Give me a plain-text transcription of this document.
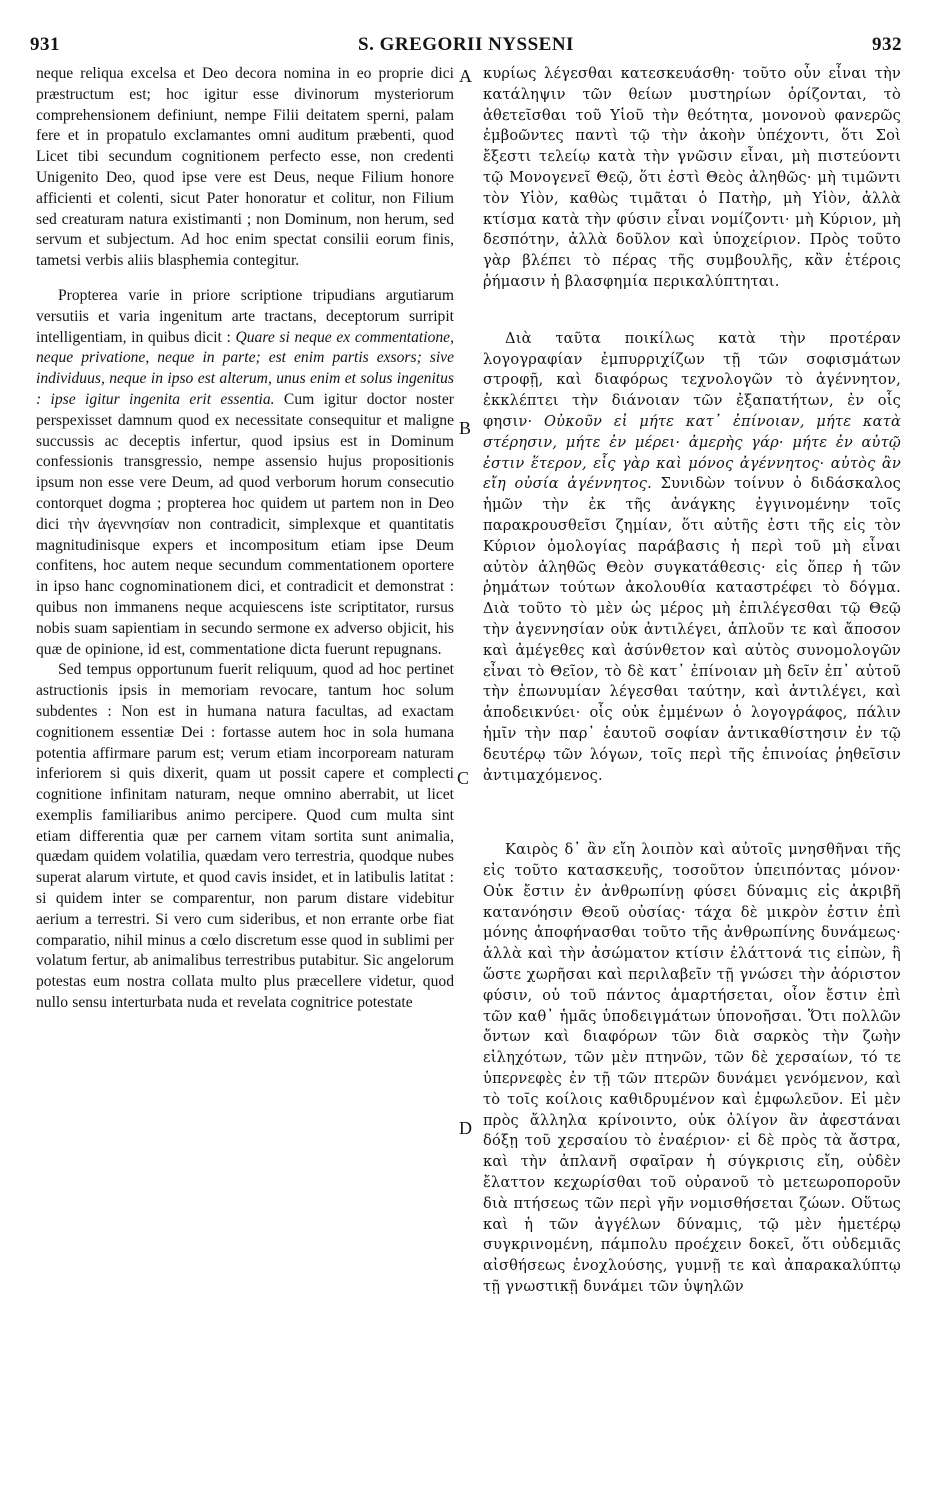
931	S. GREGORII NYSSENI	932
A
B
C
D

neque reliqua excelsa et Deo decora nomina in eo proprie dici præstructum est; hoc igitur esse divinorum mysteriorum comprehensionem definiunt, nempe Filii deitatem sperni, palam fere et in propatulo exclamantes omni auditum præbenti, quod Licet tibi secundum cognitionem perfecto esse, non credenti Unigenito Deo, quod ipse vere est Deus, neque Filium honore afficienti et colenti, sicut Pater honoratur et colitur, non Filium sed creaturam natura existimanti ; non Dominum, non herum, sed servum et subjectum. Ad hoc enim spectat consilii eorum finis, tametsi verbis aliis blasphemia contegitur.

Propterea varie in priore scriptione tripudians argutiarum versutiis et varia ingenitum arte tractans, deceptorum surripit intelligentiam, in quibus dicit : Quare si neque ex commentatione, neque privatione, neque in parte; est enim partis exsors; sive individuus, neque in ipso est alterum, unus enim et solus ingenitus : ipse igitur ingenita erit essentia. Cum igitur doctor noster perspexisset damnum quod ex necessitate consequitur et maligne succussis ac deceptis infertur, quod ipsius est in Dominum confessionis transgressio, nempe assensio hujus propositionis ipsum non esse vere Deum, ad quod verborum horum consecutio contorquet dogma ; propterea hoc quidem ut partem non in Deo dici τὴν ἀγεννησίαν non contradicit, simplexque et quantitatis magnitudinisque expers et incompositum etiam ipse Deum confitens, hoc autem neque secundum commentationem oportere in ipso hanc cognominationem dici, et contradicit et demonstrat : quibus non immanens neque acquiescens iste scriptitator, rursus nobis suam sapientiam in secundo sermone ex adverso objicit, his quæ de opinione, id est, commentatione dicta fuerunt repugnans.

Sed tempus opportunum fuerit reliquum, quod ad hoc pertinet astructionis ipsis in memoriam revocare, tantum hoc solum subdentes : Non est in humana natura facultas, ad exactam cognitionem essentiæ Dei : fortasse autem hoc in sola humana potentia affirmare parum est; verum etiam incorpoream naturam inferiorem si quis dixerit, quam ut possit capere et complecti cognitione infinitam naturam, neque omnino aberrabit, ut licet exemplis familiaribus animo percipere. Quod cum multa sint etiam differentia quæ per carnem vitam sortita sunt animalia, quædam quidem volatilia, quædam vero terrestria, quodque nubes superat alarum virtute, et quod cavis insidet, et in latibulis latitat : si quidem inter se comparentur, non parum distare videbitur aerium a terrestri. Si vero cum sideribus, et non errante orbe fiat comparatio, nihil minus a cœlo discretum esse quod in sublimi per volatum fertur, ab animalibus terrestribus putabitur. Sic angelorum potestas eum nostra collata multo plus præcellere videtur, quod nullo sensu interturbata nuda et revelata cognitrice potestate

κυρίως λέγεσθαι κατεσκευάσθη· τοῦτο οὖν εἶναι τὴν κατάληψιν τῶν θείων μυστηρίων ὁρίζονται, τὸ ἀθετεῖσθαι τοῦ Υἱοῦ τὴν θεότητα, μονονοὺ φανερῶς ἐμβοῶντες παντὶ τῷ τὴν ἀκοὴν ὑπέχοντι, ὅτι Σοὶ ἔξεστι τελείῳ κατὰ τὴν γνῶσιν εἶναι, μὴ πιστεύοντι τῷ Μονογενεῖ Θεῷ, ὅτι ἐστὶ Θεὸς ἀληθῶς· μὴ τιμῶντι τὸν Υἱὸν, καθὼς τιμᾶται ὁ Πατὴρ, μὴ Υἱὸν, ἀλλὰ κτίσμα κατὰ τὴν φύσιν εἶναι νομίζοντι· μὴ Κύριον, μὴ δεσπότην, ἀλλὰ δοῦλον καὶ ὑποχείριον. Πρὸς τοῦτο γὰρ βλέπει τὸ πέρας τῆς συμβουλῆς, κἂν ἑτέροις ῥήμασιν ἡ βλασφημία περικαλύπτηται.

Διὰ ταῦτα ποικίλως κατὰ τὴν προτέραν λογογραφίαν ἐμπυρριχίζων τῇ τῶν σοφισμάτων στροφῇ, καὶ διαφόρως τεχνολογῶν τὸ ἀγέννητον, ἐκκλέπτει τὴν διάνοιαν τῶν ἐξαπατήτων, ἐν οἷς φησιν· Οὐκοῦν εἰ μήτε κατ᾽ ἐπίνοιαν, μήτε κατὰ στέρησιν, μήτε ἐν μέρει· ἀμερὴς γάρ· μήτε ἐν αὐτῷ ἐστιν ἕτερον, εἷς γὰρ καὶ μόνος ἀγέννητος· αὐτὸς ἂν εἴη οὐσία ἀγέννητος. Συνιδὼν τοίνυν ὁ διδάσκαλος ἡμῶν τὴν ἐκ τῆς ἀνάγκης ἐγγινομένην τοῖς παρακρουσθεῖσι ζημίαν, ὅτι αὐτῆς ἐστι τῆς εἰς τὸν Κύριον ὁμολογίας παράβασις ἡ περὶ τοῦ μὴ εἶναι αὐτὸν ἀληθῶς Θεὸν συγκατάθεσις· εἰς ὅπερ ἡ τῶν ῥημάτων τούτων ἀκολουθία καταστρέφει τὸ δόγμα. Διὰ τοῦτο τὸ μὲν ὡς μέρος μὴ ἐπιλέγεσθαι τῷ Θεῷ τὴν ἀγεννησίαν οὐκ ἀντιλέγει, ἁπλοῦν τε καὶ ἄποσον καὶ ἀμέγεθες καὶ ἀσύνθετον καὶ αὐτὸς συνομολογῶν εἶναι τὸ Θεῖον, τὸ δὲ κατ᾽ ἐπίνοιαν μὴ δεῖν ἐπ᾽ αὐτοῦ τὴν ἐπωνυμίαν λέγεσθαι ταύτην, καὶ ἀντιλέγει, καὶ ἀποδεικνύει· οἷς οὐκ ἐμμένων ὁ λογογράφος, πάλιν ἡμῖν τὴν παρ᾽ ἑαυτοῦ σοφίαν ἀντικαθίστησιν ἐν τῷ δευτέρῳ τῶν λόγων, τοῖς περὶ τῆς ἐπινοίας ῥηθεῖσιν ἀντιμαχόμενος.

Καιρὸς δ᾽ ἂν εἴη λοιπὸν καὶ αὐτοῖς μνησθῆναι τῆς εἰς τοῦτο κατασκευῆς, τοσοῦτον ὑπειπόντας μόνον· Οὐκ ἔστιν ἐν ἀνθρωπίνῃ φύσει δύναμις εἰς ἀκριβῆ κατανόησιν Θεοῦ οὐσίας· τάχα δὲ μικρὸν ἐστιν ἐπὶ μόνης ἀποφήνασθαι τοῦτο τῆς ἀνθρωπίνης δυνάμεως· ἀλλὰ καὶ τὴν ἀσώματον κτίσιν ἐλάττονά τις εἰπὼν, ἢ ὥστε χωρῆσαι καὶ περιλαβεῖν τῇ γνώσει τὴν ἀόριστον φύσιν, οὐ τοῦ πάντος ἁμαρτήσεται, οἷον ἔστιν ἐπὶ τῶν καθ᾽ ἡμᾶς ὑποδειγμάτων ὑπονοῆσαι. Ὅτι πολλῶν ὄντων καὶ διαφόρων τῶν διὰ σαρκὸς τὴν ζωὴν εἰληχότων, τῶν μὲν πτηνῶν, τῶν δὲ χερσαίων, τό τε ὑπερνεφὲς ἐν τῇ τῶν πτερῶν δυνάμει γενόμενον, καὶ τὸ τοῖς κοίλοις καθιδρυμένον καὶ ἐμφωλεῦον. Εἰ μὲν πρὸς ἄλληλα κρίνοιντο, οὐκ ὀλίγον ἂν ἀφεστάναι δόξῃ τοῦ χερσαίου τὸ ἐναέριον· εἰ δὲ πρὸς τὰ ἄστρα, καὶ τὴν ἀπλανῆ σφαῖραν ἡ σύγκρισις εἴη, οὐδὲν ἔλαττον κεχωρίσθαι τοῦ οὐρανοῦ τὸ μετεωροποροῦν διὰ πτήσεως τῶν περὶ γῆν νομισθήσεται ζώων. Οὕτως καὶ ἡ τῶν ἀγγέλων δύναμις, τῷ μὲν ἡμετέρῳ συγκρινομένη, πάμπολυ προέχειν δοκεῖ, ὅτι οὐδεμιᾶς αἰσθήσεως ἐνοχλούσης, γυμνῇ τε καὶ ἀπαρακαλύπτῳ τῇ γνωστικῇ δυνάμει τῶν ὑψηλῶν
